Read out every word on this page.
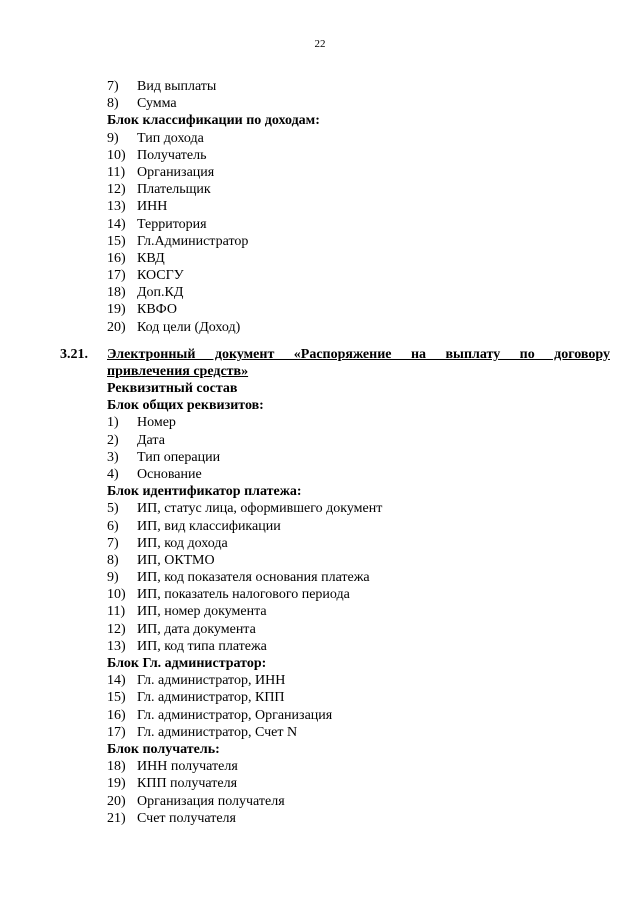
22
7) Вид выплаты
8) Сумма
Блок классификации по доходам:
9) Тип дохода
10) Получатель
11) Организация
12) Плательщик
13) ИНН
14) Территория
15) Гл.Администратор
16) КВД
17) КОСГУ
18) Доп.КД
19) КВФО
20) Код цели (Доход)
3.21. Электронный документ «Распоряжение на выплату по договору
привлечения средств»
Реквизитный состав
Блок общих реквизитов:
1) Номер
2) Дата
3) Тип операции
4) Основание
Блок идентификатор платежа:
5) ИП, статус лица, оформившего документ
6) ИП, вид классификации
7) ИП, код дохода
8) ИП, ОКТМО
9) ИП, код показателя основания платежа
10) ИП, показатель налогового периода
11) ИП, номер документа
12) ИП, дата документа
13) ИП, код типа платежа
Блок Гл. администратор:
14) Гл. администратор, ИНН
15) Гл. администратор, КПП
16) Гл. администратор, Организация
17) Гл. администратор, Счет N
Блок получатель:
18) ИНН получателя
19) КПП получателя
20) Организация получателя
21) Счет получателя
